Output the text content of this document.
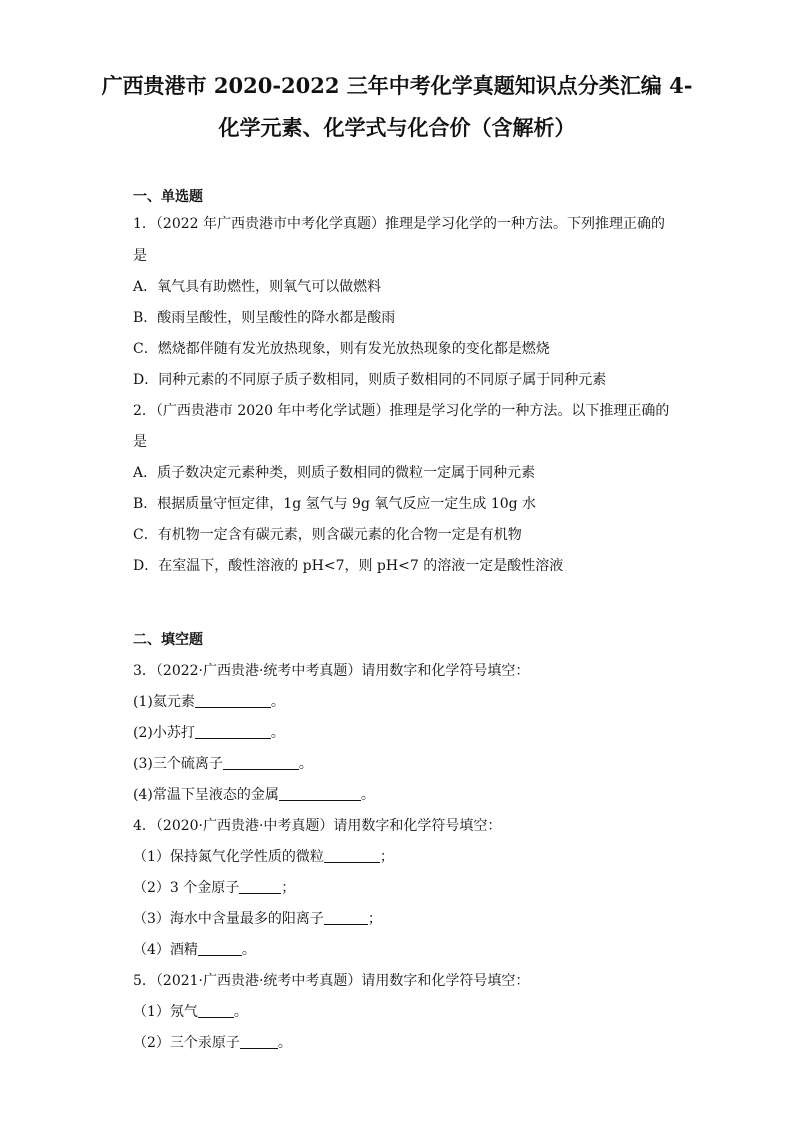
广西贵港市 2020-2022 三年中考化学真题知识点分类汇编 4-
化学元素、化学式与化合价（含解析）
一、单选题
1．（2022 年广西贵港市中考化学真题）推理是学习化学的一种方法。下列推理正确的
是
A．氧气具有助燃性，则氧气可以做燃料
B．酸雨呈酸性，则呈酸性的降水都是酸雨
C．燃烧都伴随有发光放热现象，则有发光放热现象的变化都是燃烧
D．同种元素的不同原子质子数相同，则质子数相同的不同原子属于同种元素
2．（广西贵港市 2020 年中考化学试题）推理是学习化学的一种方法。以下推理正确的
是
A．质子数决定元素种类，则质子数相同的微粒一定属于同种元素
B．根据质量守恒定律，1g 氢气与 9g 氧气反应一定生成 10g 水
C．有机物一定含有碳元素，则含碳元素的化合物一定是有机物
D．在室温下，酸性溶液的 pH<7，则 pH<7 的溶液一定是酸性溶液
二、填空题
3．（2022·广西贵港·统考中考真题）请用数字和化学符号填空：
(1)氦元素	。
(2)小苏打	。
(3)三个硫离子	。
(4)常温下呈液态的金属	。
4．（2020·广西贵港·中考真题）请用数字和化学符号填空：
（1）保持氮气化学性质的微粒	；
（2）3 个金原子	；
（3）海水中含量最多的阳离子	；
（4）酒精	。
5．（2021·广西贵港·统考中考真题）请用数字和化学符号填空：
（1）氖气	。
（2）三个汞原子	。
